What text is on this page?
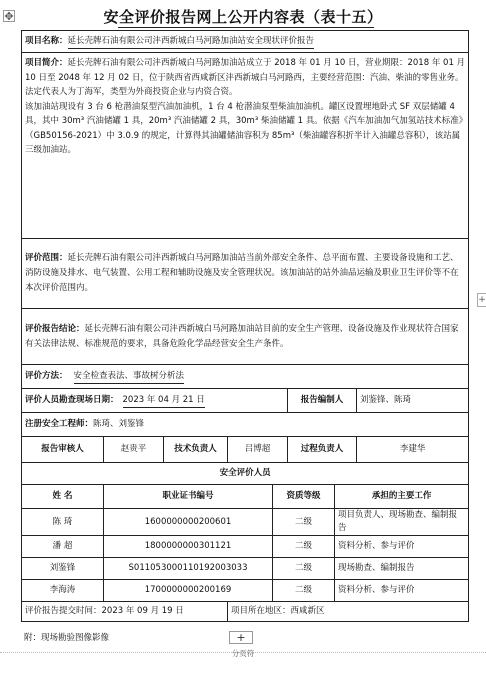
✥	安全评价报告网上公开内容表（表十五）
项目名称：延长壳牌石油有限公司沣西新城白马河路加油站安全现状评价报告							

项目简介：延长壳牌石油有限公司沣西新城白马河路加油站成立于 2018 年 01 月 10 日，营业期限：2018 年 01 月 10 日至 2048 年 12 月 02 日，位于陕西省西咸新区沣西新城白马河路西，主要经营范围：汽油、柴油的零售业务。法定代表人为丁海军，类型为外商投资企业与内资合资。
该加油站现设有 3 台 6 枪潜油泵型汽油加油机，1 台 4 枪潜油泵型柴油加油机。罐区设置埋地卧式 SF 双层储罐 4 具，其中 30m³ 汽油储罐 1 具，20m³ 汽油储罐 2 具，30m³ 柴油储罐 1 具。依据《汽车加油加气加氢站技术标准》（GB50156-2021）中 3.0.9 的规定，计算得其油罐储油容积为 85m³（柴油罐容积折半计入油罐总容积），该站属三级加油站。							

评价范围：延长壳牌石油有限公司沣西新城白马河路加油站当前外部安全条件、总平面布置、主要设备设施和工艺、消防设施及排水、电气装置、公用工程和辅助设施及安全管理状况。该加油站的站外油品运输及职业卫生评价等不在本次评价范围内。							
评价报告结论：延长壳牌石油有限公司沣西新城白马河路加油站目前的安全生产管理、设备设施及作业现状符合国家有关法律法规、标准规范的要求，具备危险化学品经营安全生产条件。							
评价方法： 安全检查表法、事故树分析法							
评价人员勘查现场日期： 2023 年 04 月 21 日					报告编制人		刘鉴锋、陈琦
注册安全工程师：陈琦、刘鉴锋							
报告审核人	赵贵平	技术负责人	吕博超		过程负责人		李建华
安全评价人员							
姓 名	职业证书编号			资质等级		承担的主要工作	
陈 琦	1600000000200601			二级		项目负责人、现场勘查、编制报告	
潘 超	1800000000301121			二级		资料分析、参与评价	
刘鉴锋	S011053000110192003033			二级		现场勘查、编制报告	
李海涛	1700000000200169			二级		资料分析、参与评价	
评价报告提交时间：2023 年 09 月 19 日			项目所在地区：西咸新区				
+
附：现场勘验图像影像	+
分页符
